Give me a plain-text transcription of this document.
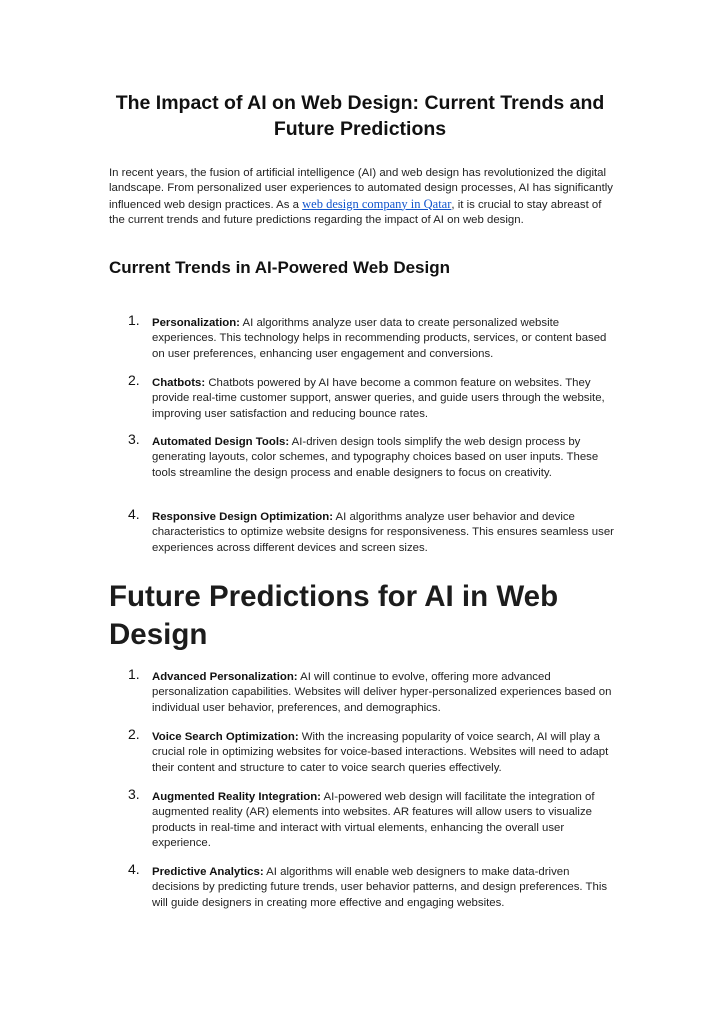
The Impact of AI on Web Design: Current Trends and Future Predictions

In recent years, the fusion of artificial intelligence (AI) and web design has revolutionized the digital landscape. From personalized user experiences to automated design processes, AI has significantly influenced web design practices. As a web design company in Qatar, it is crucial to stay abreast of the current trends and future predictions regarding the impact of AI on web design.

Current Trends in AI-Powered Web Design
1. Personalization: AI algorithms analyze user data to create personalized website experiences. This technology helps in recommending products, services, or content based on user preferences, enhancing user engagement and conversions.
2. Chatbots: Chatbots powered by AI have become a common feature on websites. They provide real-time customer support, answer queries, and guide users through the website, improving user satisfaction and reducing bounce rates.
3. Automated Design Tools: AI-driven design tools simplify the web design process by generating layouts, color schemes, and typography choices based on user inputs. These tools streamline the design process and enable designers to focus on creativity.
4. Responsive Design Optimization: AI algorithms analyze user behavior and device characteristics to optimize website designs for responsiveness. This ensures seamless user experiences across different devices and screen sizes.
Future Predictions for AI in Web Design
1. Advanced Personalization: AI will continue to evolve, offering more advanced personalization capabilities. Websites will deliver hyper-personalized experiences based on individual user behavior, preferences, and demographics.
2. Voice Search Optimization: With the increasing popularity of voice search, AI will play a crucial role in optimizing websites for voice-based interactions. Websites will need to adapt their content and structure to cater to voice search queries effectively.
3. Augmented Reality Integration: AI-powered web design will facilitate the integration of augmented reality (AR) elements into websites. AR features will allow users to visualize products in real-time and interact with virtual elements, enhancing the overall user experience.
4. Predictive Analytics: AI algorithms will enable web designers to make data-driven decisions by predicting future trends, user behavior patterns, and design preferences. This will guide designers in creating more effective and engaging websites.
